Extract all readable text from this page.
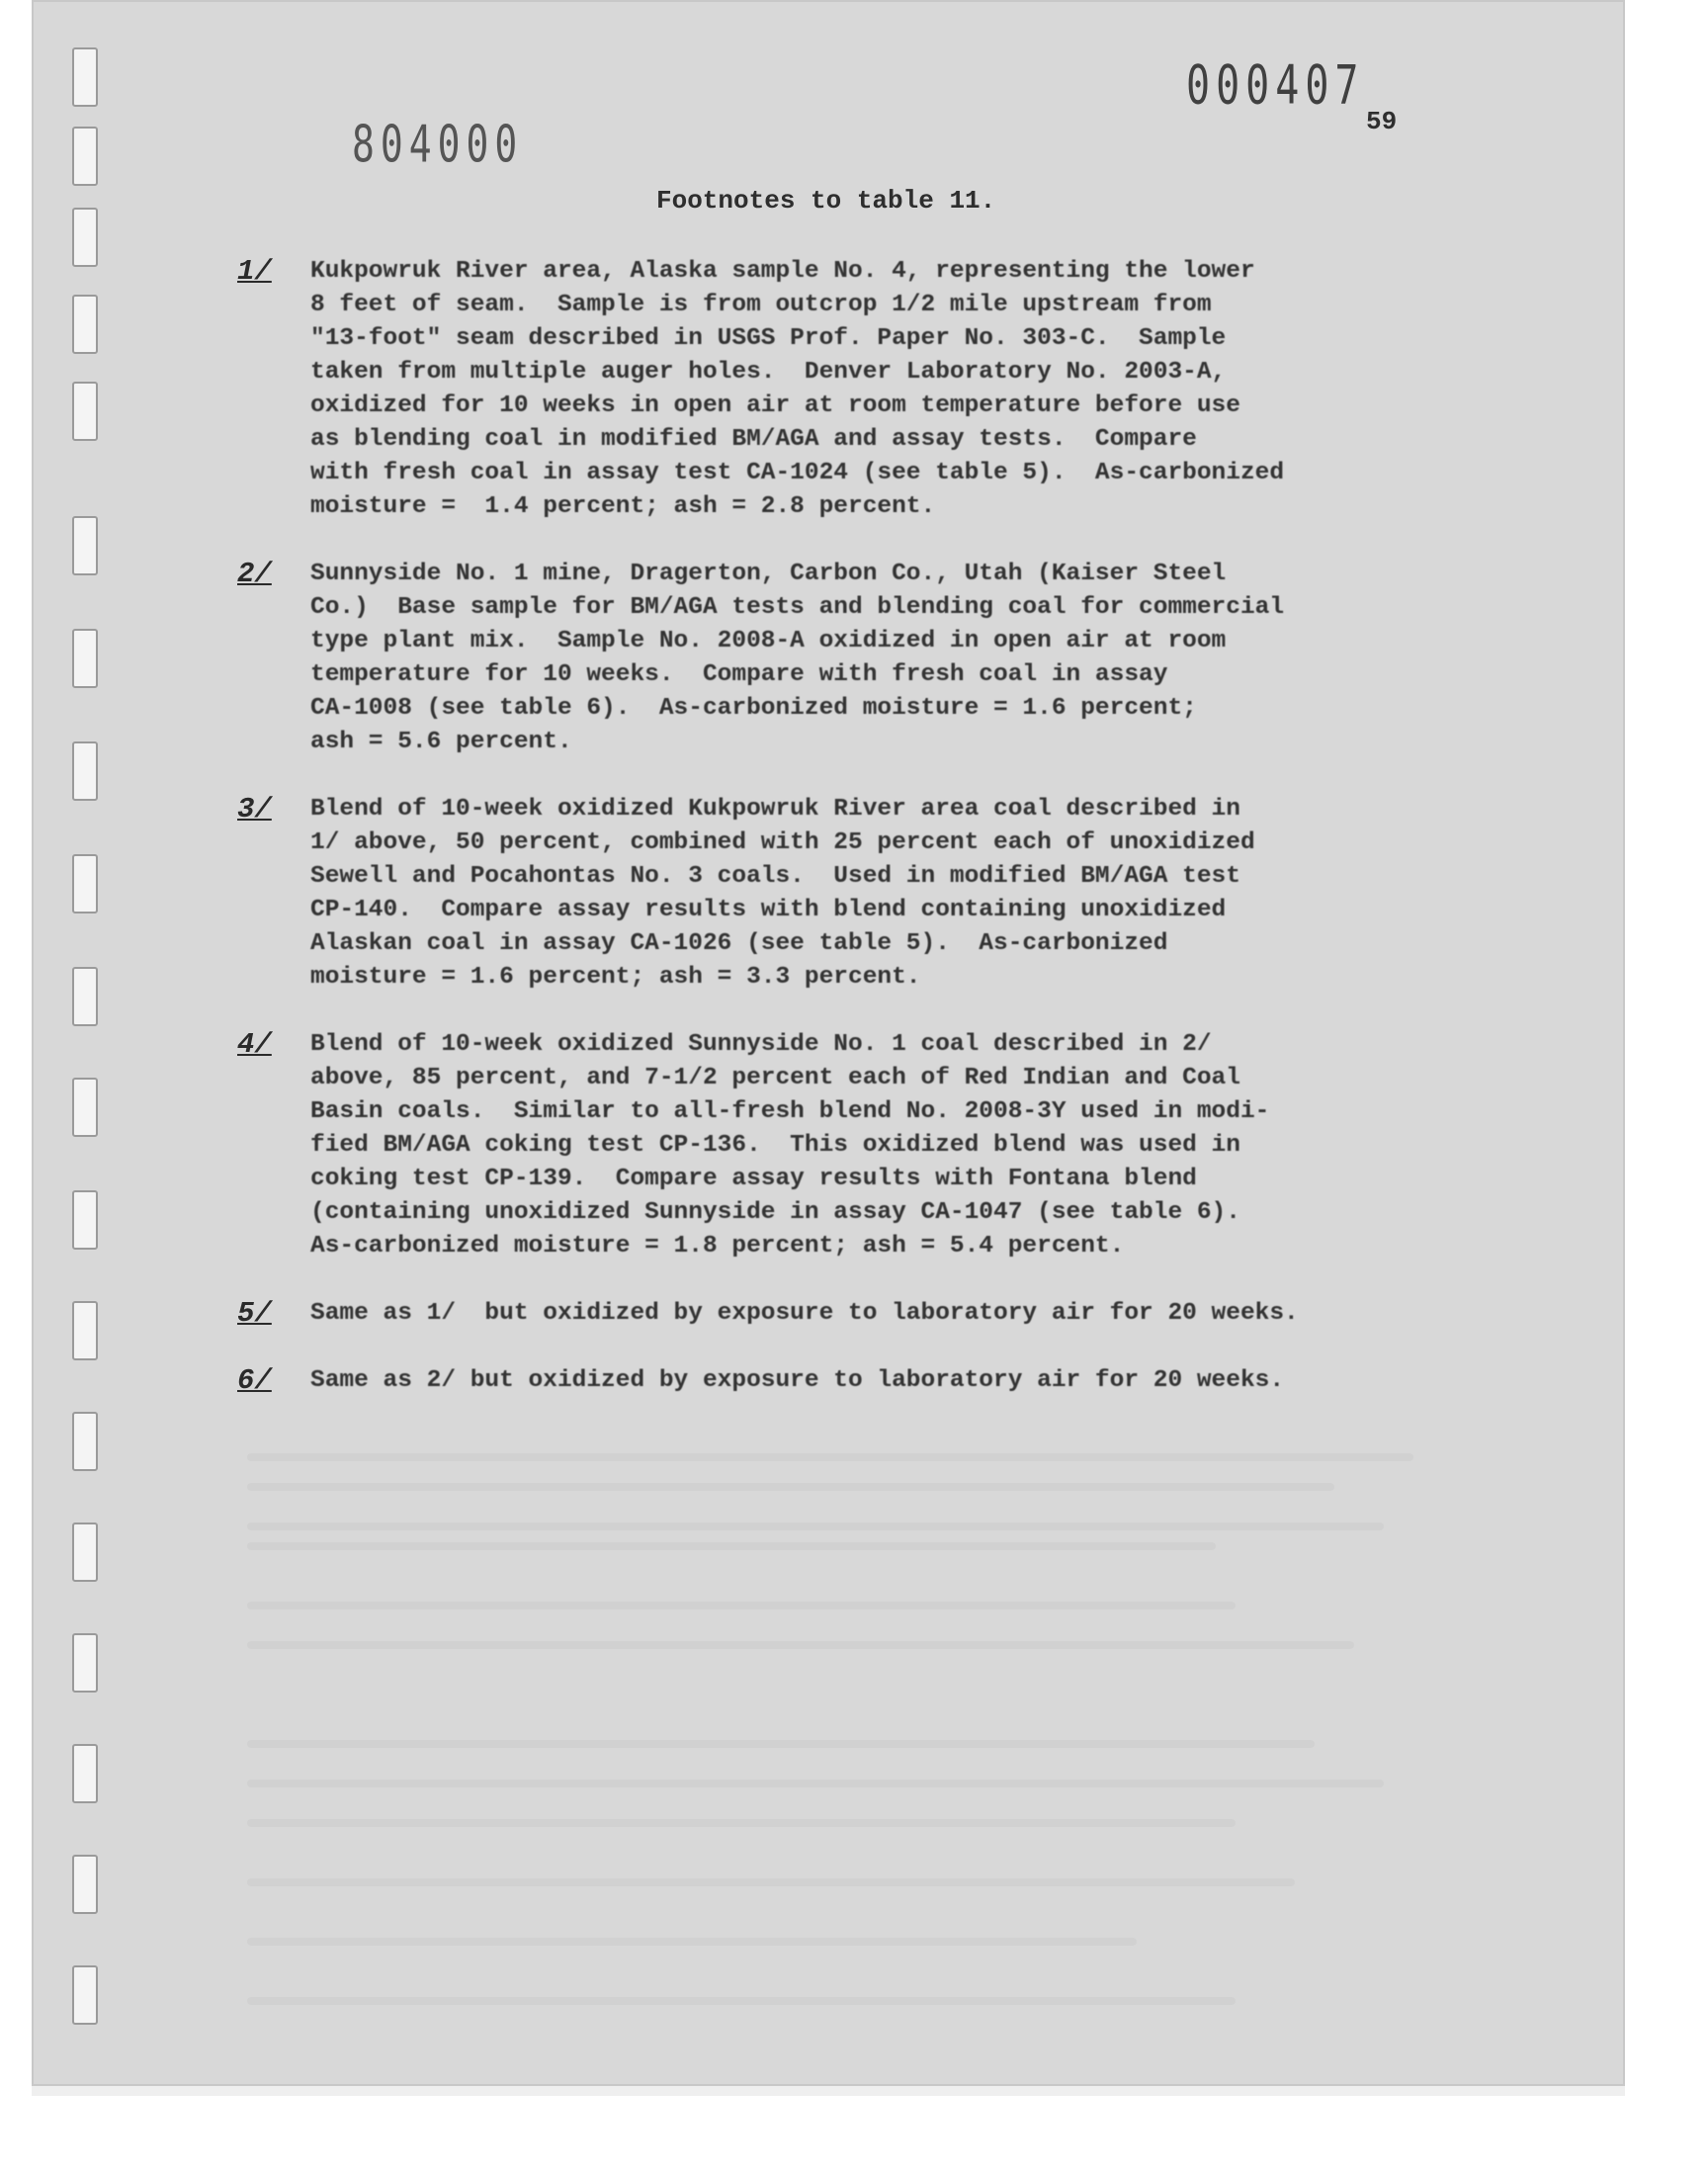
000407
804000	59
Footnotes to table 11.
1/ Kukpowruk River area, Alaska sample No. 4, representing the lower
8 feet of seam.  Sample is from outcrop 1/2 mile upstream from
"13-foot" seam described in USGS Prof. Paper No. 303-C.  Sample
taken from multiple auger holes.  Denver Laboratory No. 2003-A,
oxidized for 10 weeks in open air at room temperature before use
as blending coal in modified BM/AGA and assay tests.  Compare
with fresh coal in assay test CA-1024 (see table 5).  As-carbonized
moisture =  1.4 percent; ash = 2.8 percent.
2/ Sunnyside No. 1 mine, Dragerton, Carbon Co., Utah (Kaiser Steel
Co.)  Base sample for BM/AGA tests and blending coal for commercial
type plant mix.  Sample No. 2008-A oxidized in open air at room
temperature for 10 weeks.  Compare with fresh coal in assay
CA-1008 (see table 6).  As-carbonized moisture = 1.6 percent;
ash = 5.6 percent.
3/ Blend of 10-week oxidized Kukpowruk River area coal described in
1/ above, 50 percent, combined with 25 percent each of unoxidized
Sewell and Pocahontas No. 3 coals.  Used in modified BM/AGA test
CP-140.  Compare assay results with blend containing unoxidized
Alaskan coal in assay CA-1026 (see table 5).  As-carbonized
moisture = 1.6 percent; ash = 3.3 percent.
4/ Blend of 10-week oxidized Sunnyside No. 1 coal described in 2/
above, 85 percent, and 7-1/2 percent each of Red Indian and Coal
Basin coals.  Similar to all-fresh blend No. 2008-3Y used in modi-
fied BM/AGA coking test CP-136.  This oxidized blend was used in
coking test CP-139.  Compare assay results with Fontana blend
(containing unoxidized Sunnyside in assay CA-1047 (see table 6).
As-carbonized moisture = 1.8 percent; ash = 5.4 percent.
5/ Same as 1/  but oxidized by exposure to laboratory air for 20 weeks.
6/ Same as 2/ but oxidized by exposure to laboratory air for 20 weeks.
